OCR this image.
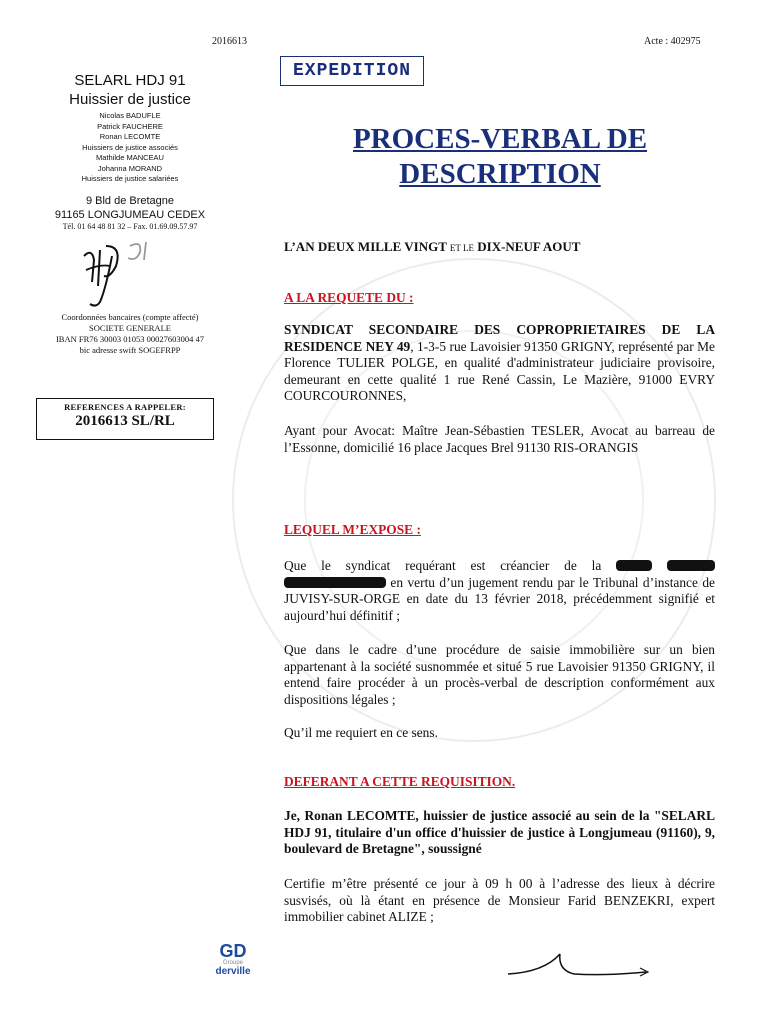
2016613	Acte : 402975
EXPEDITION
PROCES-VERBAL DE
DESCRIPTION
SELARL HDJ 91
Huissier de justice
Nicolas BADUFLE
Patrick FAUCHERE
Ronan LECOMTE
Huissiers de justice associés
Mathilde MANCEAU
Johanna MORAND
Huissiers de justice salariées
9 Bld de Bretagne
91165 LONGJUMEAU CEDEX
Tél. 01 64 48 81 32 – Fax. 01.69.09.57.97
Coordonnées bancaires (compte affecté)
SOCIETE GENERALE
IBAN FR76 30003 01053 00027603004 47
bic adresse swift SOGEFRPP
REFERENCES A RAPPELER:
2016613 SL/RL
L’AN DEUX MILLE VINGT ET LE DIX-NEUF AOUT
A LA REQUETE DU :
SYNDICAT SECONDAIRE DES COPROPRIETAIRES DE LA RESIDENCE NEY 49, 1-3-5 rue Lavoisier 91350 GRIGNY, représenté par Me Florence TULIER POLGE, en qualité d'administrateur judiciaire provisoire, demeurant en cette qualité 1 rue René Cassin, Le Mazière, 91000 EVRY COURCOURONNES,
Ayant pour Avocat: Maître Jean-Sébastien TESLER, Avocat au barreau de l’Essonne, domicilié 16 place Jacques Brel 91130 RIS-ORANGIS
LEQUEL M’EXPOSE :
Que le syndicat requérant est créancier de la    en vertu d’un jugement rendu par le Tribunal d’instance de JUVISY-SUR-ORGE en date du 13 février 2018, précédemment signifié et aujourd’hui définitif ;
Que dans le cadre d’une procédure de saisie immobilière sur un bien appartenant à la société susnommée et situé 5 rue Lavoisier 91350 GRIGNY, il entend faire procéder à un procès-verbal de description conformément aux dispositions légales ;
Qu’il me requiert en ce sens.
DEFERANT A CETTE REQUISITION.
Je, Ronan LECOMTE, huissier de justice associé au sein de la "SELARL HDJ 91, titulaire d'un office d'huissier de justice à Longjumeau (91160), 9, boulevard de Bretagne", soussigné
Certifie m’être présenté ce jour à 09 h 00 à l’adresse des lieux à décrire susvisés, où là étant en présence de Monsieur Farid BENZEKRI, expert immobilier cabinet ALIZE ;
GD
Groupe
derville
